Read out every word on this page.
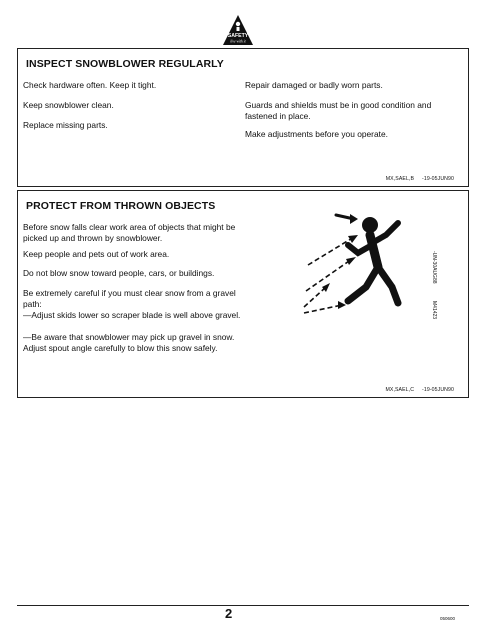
SAFETY
live with it
INSPECT SNOWBLOWER REGULARLY

Check hardware often. Keep it tight.

Keep snowblower clean.

Replace missing parts.

Repair damaged or badly worn parts.

Guards and shields must be in good condition and fastened in place.

Make adjustments before you operate.

MX,SAEL,B -19-05JUN90
PROTECT FROM THROWN OBJECTS

Before snow falls clear work area of objects that might be picked up and thrown by snowblower.

Keep people and pets out of work area.

Do not blow snow toward people, cars, or buildings.

Be extremely careful if you must clear snow from a gravel path:

—Adjust skids lower so scraper blade is well above gravel.

—Be aware that snowblower may pick up gravel in snow. Adjust spout angle carefully to blow this snow safely.

-UN-30AUG88
M41423
MX,SAEL,C -19-05JUN90
2	050600
